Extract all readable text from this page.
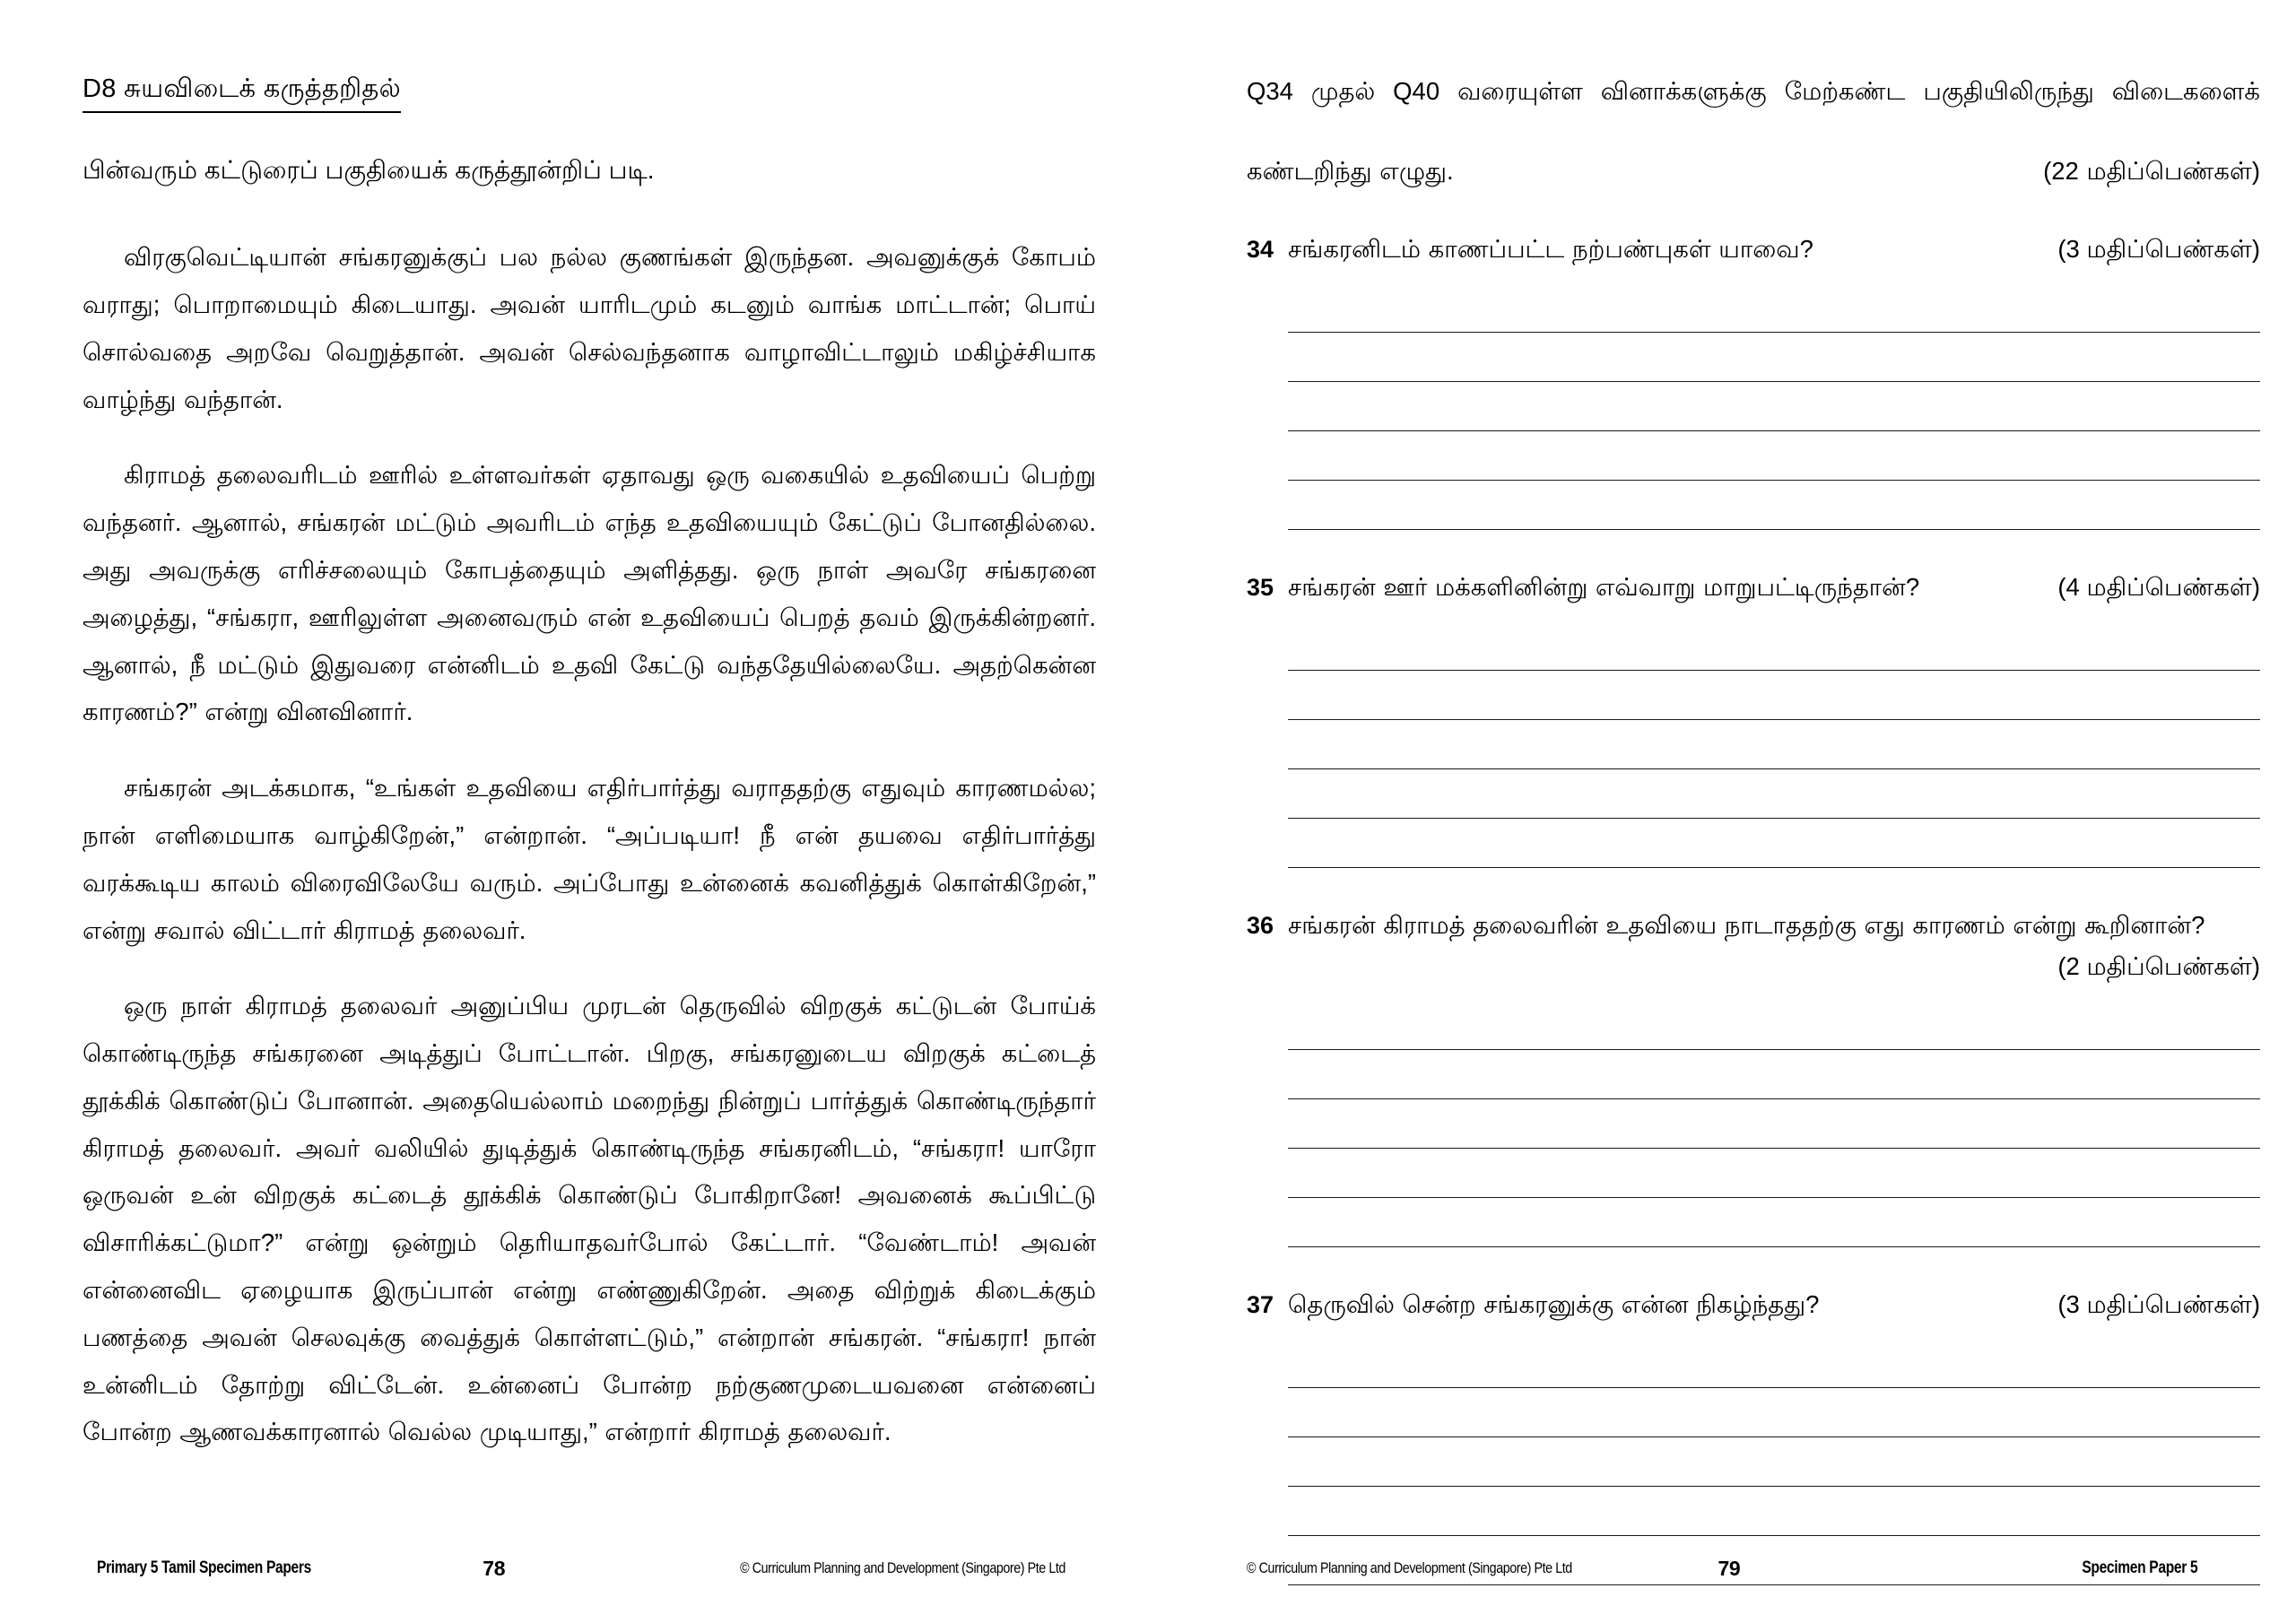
D8 சுயவிடைக் கருத்தறிதல்
பின்வரும் கட்டுரைப் பகுதியைக் கருத்தூன்றிப் படி.

விரகுவெட்டியான் சங்கரனுக்குப் பல நல்ல குணங்கள் இருந்தன. அவனுக்குக் கோபம் வராது; பொறாமையும் கிடையாது. அவன் யாரிடமும் கடனும் வாங்க மாட்டான்; பொய் சொல்வதை அறவே வெறுத்தான். அவன் செல்வந்தனாக வாழாவிட்டாலும் மகிழ்ச்சியாக வாழ்ந்து வந்தான்.

கிராமத் தலைவரிடம் ஊரில் உள்ளவர்கள் ஏதாவது ஒரு வகையில் உதவியைப் பெற்று வந்தனர். ஆனால், சங்கரன் மட்டும் அவரிடம் எந்த உதவியையும் கேட்டுப் போனதில்லை. அது அவருக்கு எரிச்சலையும் கோபத்தையும் அளித்தது. ஒரு நாள் அவரே சங்கரனை அழைத்து, “சங்கரா, ஊரிலுள்ள அனைவரும் என் உதவியைப் பெறத் தவம் இருக்கின்றனர். ஆனால், நீ மட்டும் இதுவரை என்னிடம் உதவி கேட்டு வந்ததேயில்லையே. அதற்கென்ன காரணம்?” என்று வினவினார்.

சங்கரன் அடக்கமாக, “உங்கள் உதவியை எதிர்பார்த்து வராததற்கு எதுவும் காரணமல்ல; நான் எளிமையாக வாழ்கிறேன்,” என்றான். “அப்படியா! நீ என் தயவை எதிர்பார்த்து வரக்கூடிய காலம் விரைவிலேயே வரும். அப்போது உன்னைக் கவனித்துக் கொள்கிறேன்,” என்று சவால் விட்டார் கிராமத் தலைவர்.

ஒரு நாள் கிராமத் தலைவர் அனுப்பிய முரடன் தெருவில் விறகுக் கட்டுடன் போய்க் கொண்டிருந்த சங்கரனை அடித்துப் போட்டான். பிறகு, சங்கரனுடைய விறகுக் கட்டைத் தூக்கிக் கொண்டுப் போனான். அதையெல்லாம் மறைந்து நின்றுப் பார்த்துக் கொண்டிருந்தார் கிராமத் தலைவர். அவர் வலியில் துடித்துக் கொண்டிருந்த சங்கரனிடம், “சங்கரா! யாரோ ஒருவன் உன் விறகுக் கட்டைத் தூக்கிக் கொண்டுப் போகிறானே! அவனைக் கூப்பிட்டு விசாரிக்கட்டுமா?” என்று ஒன்றும் தெரியாதவர்போல் கேட்டார். “வேண்டாம்! அவன் என்னைவிட ஏழையாக இருப்பான் என்று எண்ணுகிறேன். அதை விற்றுக் கிடைக்கும் பணத்தை அவன் செலவுக்கு வைத்துக் கொள்ளட்டும்,” என்றான் சங்கரன். “சங்கரா! நான் உன்னிடம் தோற்று விட்டேன். உன்னைப் போன்ற நற்குணமுடையவனை என்னைப் போன்ற ஆணவக்காரனால் வெல்ல முடியாது,” என்றார் கிராமத் தலைவர்.

Primary 5 Tamil Specimen Papers	78	© Curriculum Planning and Development (Singapore) Pte Ltd
Q34 முதல் Q40 வரையுள்ள வினாக்களுக்கு மேற்கண்ட பகுதியிலிருந்து விடைகளைக்
கண்டறிந்து எழுது.	(22 மதிப்பெண்கள்)
34 சங்கரனிடம் காணப்பட்ட நற்பண்புகள் யாவை?	(3 மதிப்பெண்கள்)
35 சங்கரன் ஊர் மக்களினின்று எவ்வாறு மாறுபட்டிருந்தான்?	(4 மதிப்பெண்கள்)
36 சங்கரன் கிராமத் தலைவரின் உதவியை நாடாததற்கு எது காரணம் என்று கூறினான்?
(2 மதிப்பெண்கள்)
37 தெருவில் சென்ற சங்கரனுக்கு என்ன நிகழ்ந்தது?	(3 மதிப்பெண்கள்)
© Curriculum Planning and Development (Singapore) Pte Ltd	79	Specimen Paper 5
